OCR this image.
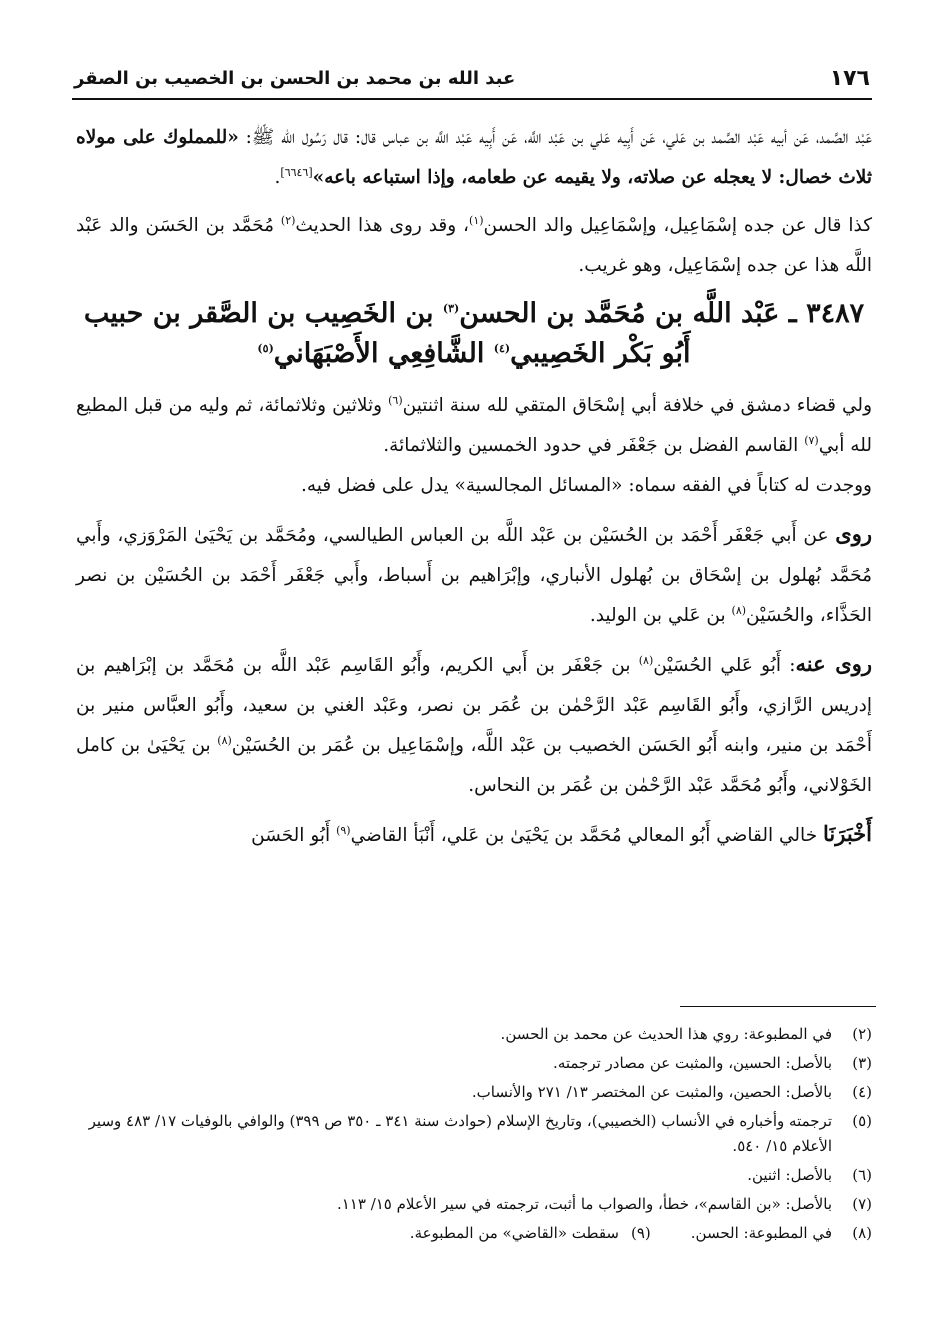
١٧٦
عبد الله بن محمد بن الحسن بن الخصيب بن الصقر

عَبْد الصَّمد، عَن أبيه عَبْد الصَّمد بن عَلي، عَن أَبِيه عَلي بن عَبْد اللَّه، عَن أَبِيه عَبْد اللَّه بن عباس قال: قال رَسُول الله ﷺ: «للمملوك على مولاه ثلاث خصال: لا يعجله عن صلاته، ولا يقيمه عن طعامه، وإذا استباعه باعه»[٦٦٤٦].

كذا قال عن جده إسْمَاعِيل، وإسْمَاعِيل والد الحسن$^{(١)}$، وقد روى هذا الحديث$^{(٢)}$ مُحَمَّد بن الحَسَن والد عَبْد اللَّه هذا عن جده إسْمَاعِيل، وهو غريب.

٣٤٨٧ ـ عَبْد اللَّه بن مُحَمَّد بن الحسن$^{(٣)}$ بن الخَصِيب بن الصَّقر بن حبيب أَبُو بَكْر الخَصِيبي$^{(٤)}$ الشَّافِعِي الأَصْبَهَاني$^{(٥)}$

ولي قضاء دمشق في خلافة أبي إسْحَاق المتقي لله سنة اثنتين$^{(٦)}$ وثلاثين وثلاثمائة، ثم وليه من قبل المطيع لله أبي$^{(٧)}$ القاسم الفضل بن جَعْفَر في حدود الخمسين والثلاثمائة.

ووجدت له كتاباً في الفقه سماه: «المسائل المجالسية» يدل على فضل فيه.

روى عن أَبي جَعْفَر أَحْمَد بن الحُسَيْن بن عَبْد اللَّه بن العباس الطيالسي، ومُحَمَّد بن يَحْيَىٰ المَرْوَزي، وأَبي مُحَمَّد بُهلول بن إسْحَاق بن بُهلول الأنباري، وإبْرَاهيم بن أَسباط، وأَبي جَعْفَر أَحْمَد بن الحُسَيْن بن نصر الحَذَّاء، والحُسَيْن$^{(٨)}$ بن عَلي بن الوليد.

روى عنه: أَبُو عَلي الحُسَيْن$^{(٨)}$ بن جَعْفَر بن أَبي الكريم، وأَبُو القَاسِم عَبْد اللَّه بن مُحَمَّد بن إبْرَاهيم بن إدريس الرَّازي، وأَبُو القَاسِم عَبْد الرَّحْمٰن بن عُمَر بن نصر، وعَبْد الغني بن سعيد، وأَبُو العبَّاس منير بن أَحْمَد بن منير، وابنه أَبُو الحَسَن الخصيب بن عَبْد اللَّه، وإسْمَاعِيل بن عُمَر بن الحُسَيْن$^{(٨)}$ بن يَحْيَىٰ بن كامل الخَوْلاني، وأَبُو مُحَمَّد عَبْد الرَّحْمٰن بن عُمَر بن النحاس.

أَخْبَرَنَا خالي القاضي أَبُو المعالي مُحَمَّد بن يَحْيَىٰ بن عَلي، أَنْبَأ القاضي$^{(٩)}$ أَبُو الحَسَن

(٢)
في المطبوعة: روي هذا الحديث عن محمد بن الحسن.
(٣)
بالأصل: الحسين، والمثبت عن مصادر ترجمته.
(٤)
بالأصل: الحصين، والمثبت عن المختصر ١٣/ ٢٧١ والأنساب.
(٥)
ترجمته وأخباره في الأنساب (الخصيبي)، وتاريخ الإسلام (حوادث سنة ٣٤١ ـ ٣٥٠ ص ٣٩٩) والوافي بالوفيات ١٧/ ٤٨٣ وسير الأعلام ١٥/ ٥٤٠.
(٦)
بالأصل: اثنين.
(٧)
بالأصل: «بن القاسم»، خطأ، والصواب ما أثبت، ترجمته في سير الأعلام ١٥/ ١١٣.
(٨)
في المطبوعة: الحسن.
(٩)
سقطت «القاضي» من المطبوعة.
